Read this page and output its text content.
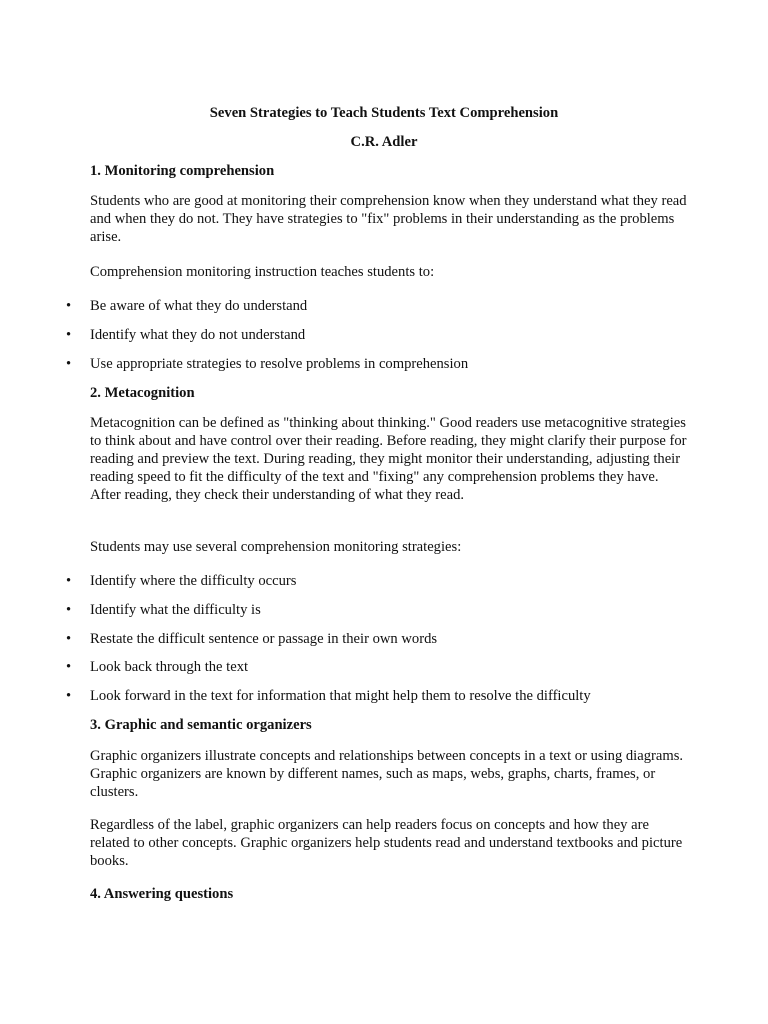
Seven Strategies to Teach Students Text Comprehension

C.R. Adler

1. Monitoring comprehension

Students who are good at monitoring their comprehension know when they understand what they read and when they do not. They have strategies to "fix" problems in their understanding as the problems arise.

Comprehension monitoring instruction teaches students to:

• Be aware of what they do understand
• Identify what they do not understand
• Use appropriate strategies to resolve problems in comprehension

2. Metacognition

Metacognition can be defined as "thinking about thinking." Good readers use metacognitive strategies to think about and have control over their reading. Before reading, they might clarify their purpose for reading and preview the text. During reading, they might monitor their understanding, adjusting their reading speed to fit the difficulty of the text and "fixing" any comprehension problems they have. After reading, they check their understanding of what they read.

Students may use several comprehension monitoring strategies:

• Identify where the difficulty occurs
• Identify what the difficulty is
• Restate the difficult sentence or passage in their own words
• Look back through the text
• Look forward in the text for information that might help them to resolve the difficulty

3. Graphic and semantic organizers

Graphic organizers illustrate concepts and relationships between concepts in a text or using diagrams. Graphic organizers are known by different names, such as maps, webs, graphs, charts, frames, or clusters.

Regardless of the label, graphic organizers can help readers focus on concepts and how they are related to other concepts. Graphic organizers help students read and understand textbooks and picture books.

4. Answering questions
